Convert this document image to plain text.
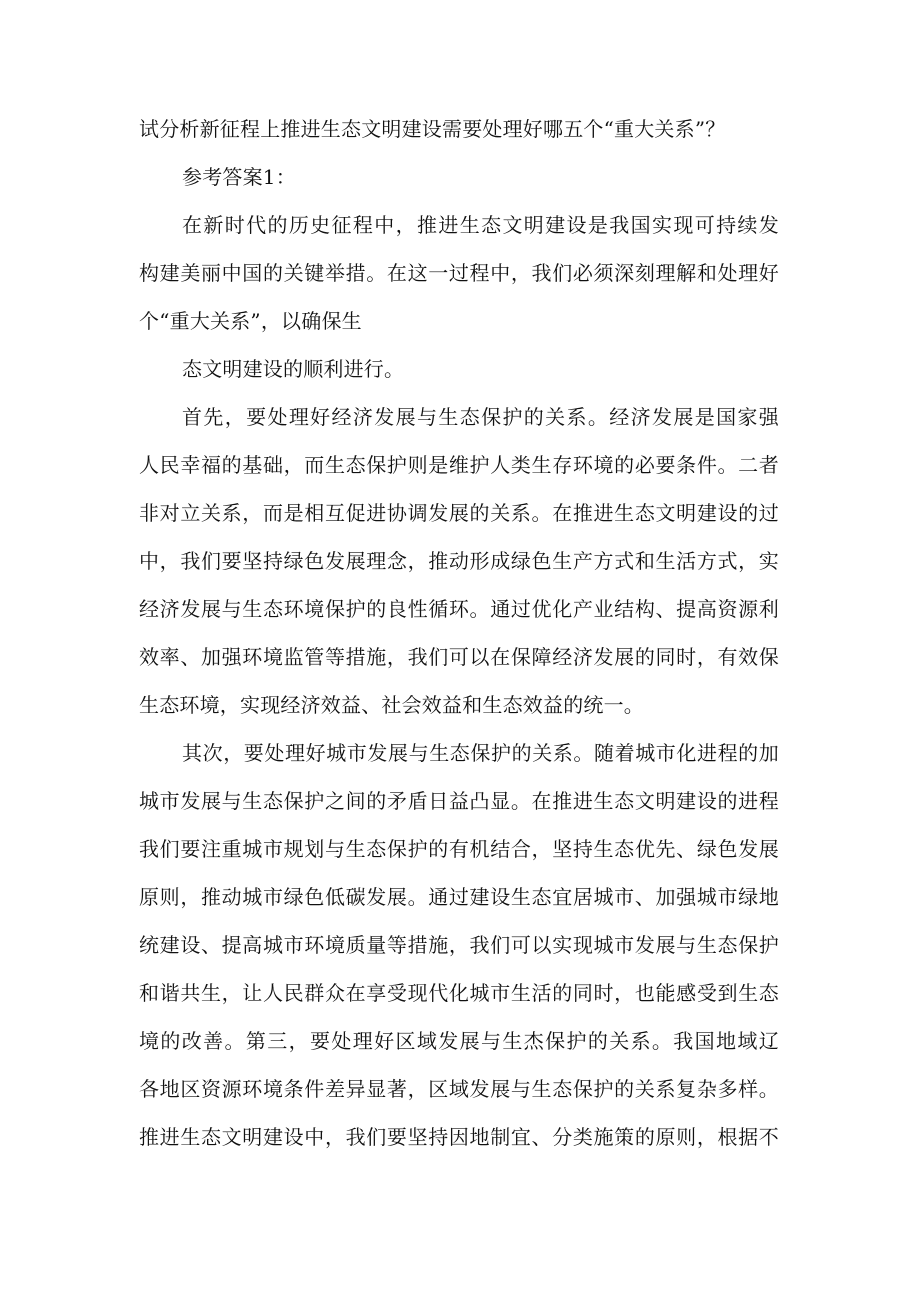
试分析新征程上推进生态文明建设需要处理好哪五个“重大关系”？
参考答案1：
在新时代的历史征程中，推进生态文明建设是我国实现可持续发
构建美丽中国的关键举措。在这一过程中，我们必须深刻理解和处理好
个“重大关系”，以确保生
态文明建设的顺利进行。
首先，要处理好经济发展与生态保护的关系。经济发展是国家强
人民幸福的基础，而生态保护则是维护人类生存环境的必要条件。二者
非对立关系，而是相互促进协调发展的关系。在推进生态文明建设的过
中，我们要坚持绿色发展理念，推动形成绿色生产方式和生活方式，实
经济发展与生态环境保护的良性循环。通过优化产业结构、提高资源利
效率、加强环境监管等措施，我们可以在保障经济发展的同时，有效保
生态环境，实现经济效益、社会效益和生态效益的统一。
其次，要处理好城市发展与生态保护的关系。随着城市化进程的加
城市发展与生态保护之间的矛盾日益凸显。在推进生态文明建设的进程
我们要注重城市规划与生态保护的有机结合，坚持生态优先、绿色发展
原则，推动城市绿色低碳发展。通过建设生态宜居城市、加强城市绿地
统建设、提高城市环境质量等措施，我们可以实现城市发展与生态保护
和谐共生，让人民群众在享受现代化城市生活的同时，也能感受到生态
境的改善。第三，要处理好区域发展与生杰保护的关系。我国地域辽
各地区资源环境条件差异显著，区域发展与生态保护的关系复杂多样。
推进生态文明建设中，我们要坚持因地制宜、分类施策的原则，根据不
